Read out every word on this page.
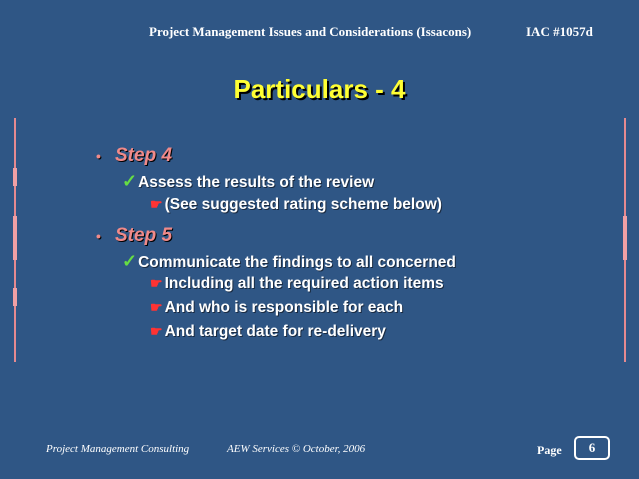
Project Management Issues and Considerations (Issacons)	IAC #1057d
Particulars - 4
• Step 4
✓Assess the results of the review
☛ (See suggested rating scheme below)
• Step 5
✓Communicate the findings to all concerned
☛ Including all the required action items
☛ And who is responsible for each
☛ And target date for re-delivery
Project Management Consulting	AEW Services © October, 2006	Page	6
